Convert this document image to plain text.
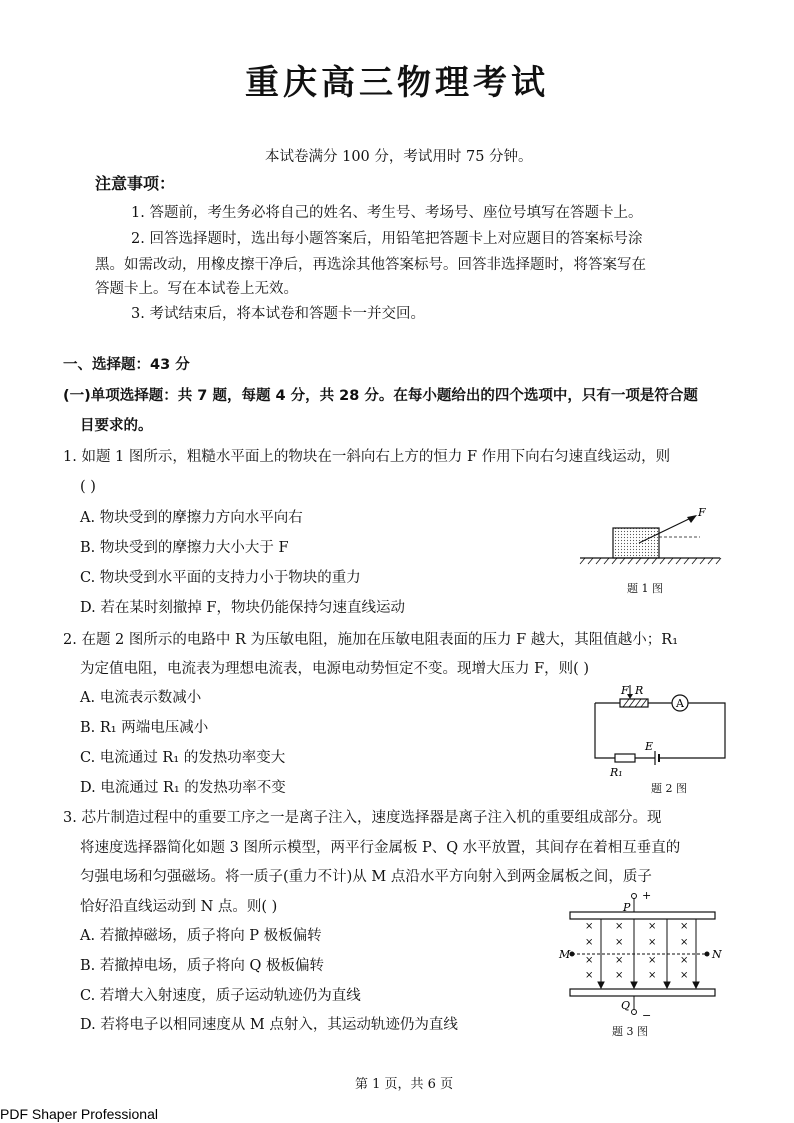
重庆高三物理考试
本试卷满分 100 分，考试用时 75 分钟。
注意事项：
1. 答题前，考生务必将自己的姓名、考生号、考场号、座位号填写在答题卡上。
2. 回答选择题时，选出每小题答案后，用铅笔把答题卡上对应题目的答案标号涂
黑。如需改动，用橡皮擦干净后，再选涂其他答案标号。回答非选择题时，将答案写在
答题卡上。写在本试卷上无效。
3. 考试结束后，将本试卷和答题卡一并交回。
一、选择题：43 分
(一)单项选择题：共 7 题，每题 4 分，共 28 分。在每小题给出的四个选项中，只有一项是符合题
目要求的。
1. 如题 1 图所示，粗糙水平面上的物块在一斜向右上方的恒力 F 作用下向右匀速直线运动，则
( )
A. 物块受到的摩擦力方向水平向右
B. 物块受到的摩擦力大小大于 F
C. 物块受到水平面的支持力小于物块的重力
D. 若在某时刻撤掉 F，物块仍能保持匀速直线运动
F
题 1 图
2. 在题 2 图所示的电路中 R 为压敏电阻，施加在压敏电阻表面的压力 F 越大，其阻值越小；R₁
为定值电阻，电流表为理想电流表，电源电动势恒定不变。现增大压力 F，则( )
A. 电流表示数减小
B. R₁ 两端电压减小
C. 电流通过 R₁ 的发热功率变大
D. 电流通过 R₁ 的发热功率不变
A
F R
E
R₁
题 2 图
3. 芯片制造过程中的重要工序之一是离子注入，速度选择器是离子注入机的重要组成部分。现
将速度选择器简化如题 3 图所示模型，两平行金属板 P、Q 水平放置，其间存在着相互垂直的
匀强电场和匀强磁场。将一质子(重力不计)从 M 点沿水平方向射入到两金属板之间，质子
恰好沿直线运动到 N 点。则( )
A. 若撤掉磁场，质子将向 P 极板偏转
B. 若撤掉电场，质子将向 Q 极板偏转
C. 若增大入射速度，质子运动轨迹仍为直线
D. 若将电子以相同速度从 M 点射入，其运动轨迹仍为直线
P
+
Q
−
M	N
×
×
×
×
×
×
×
×
×
×
×
×
×
×
×
×
题 3 图
第 1 页，共 6 页
PDF Shaper Professional
